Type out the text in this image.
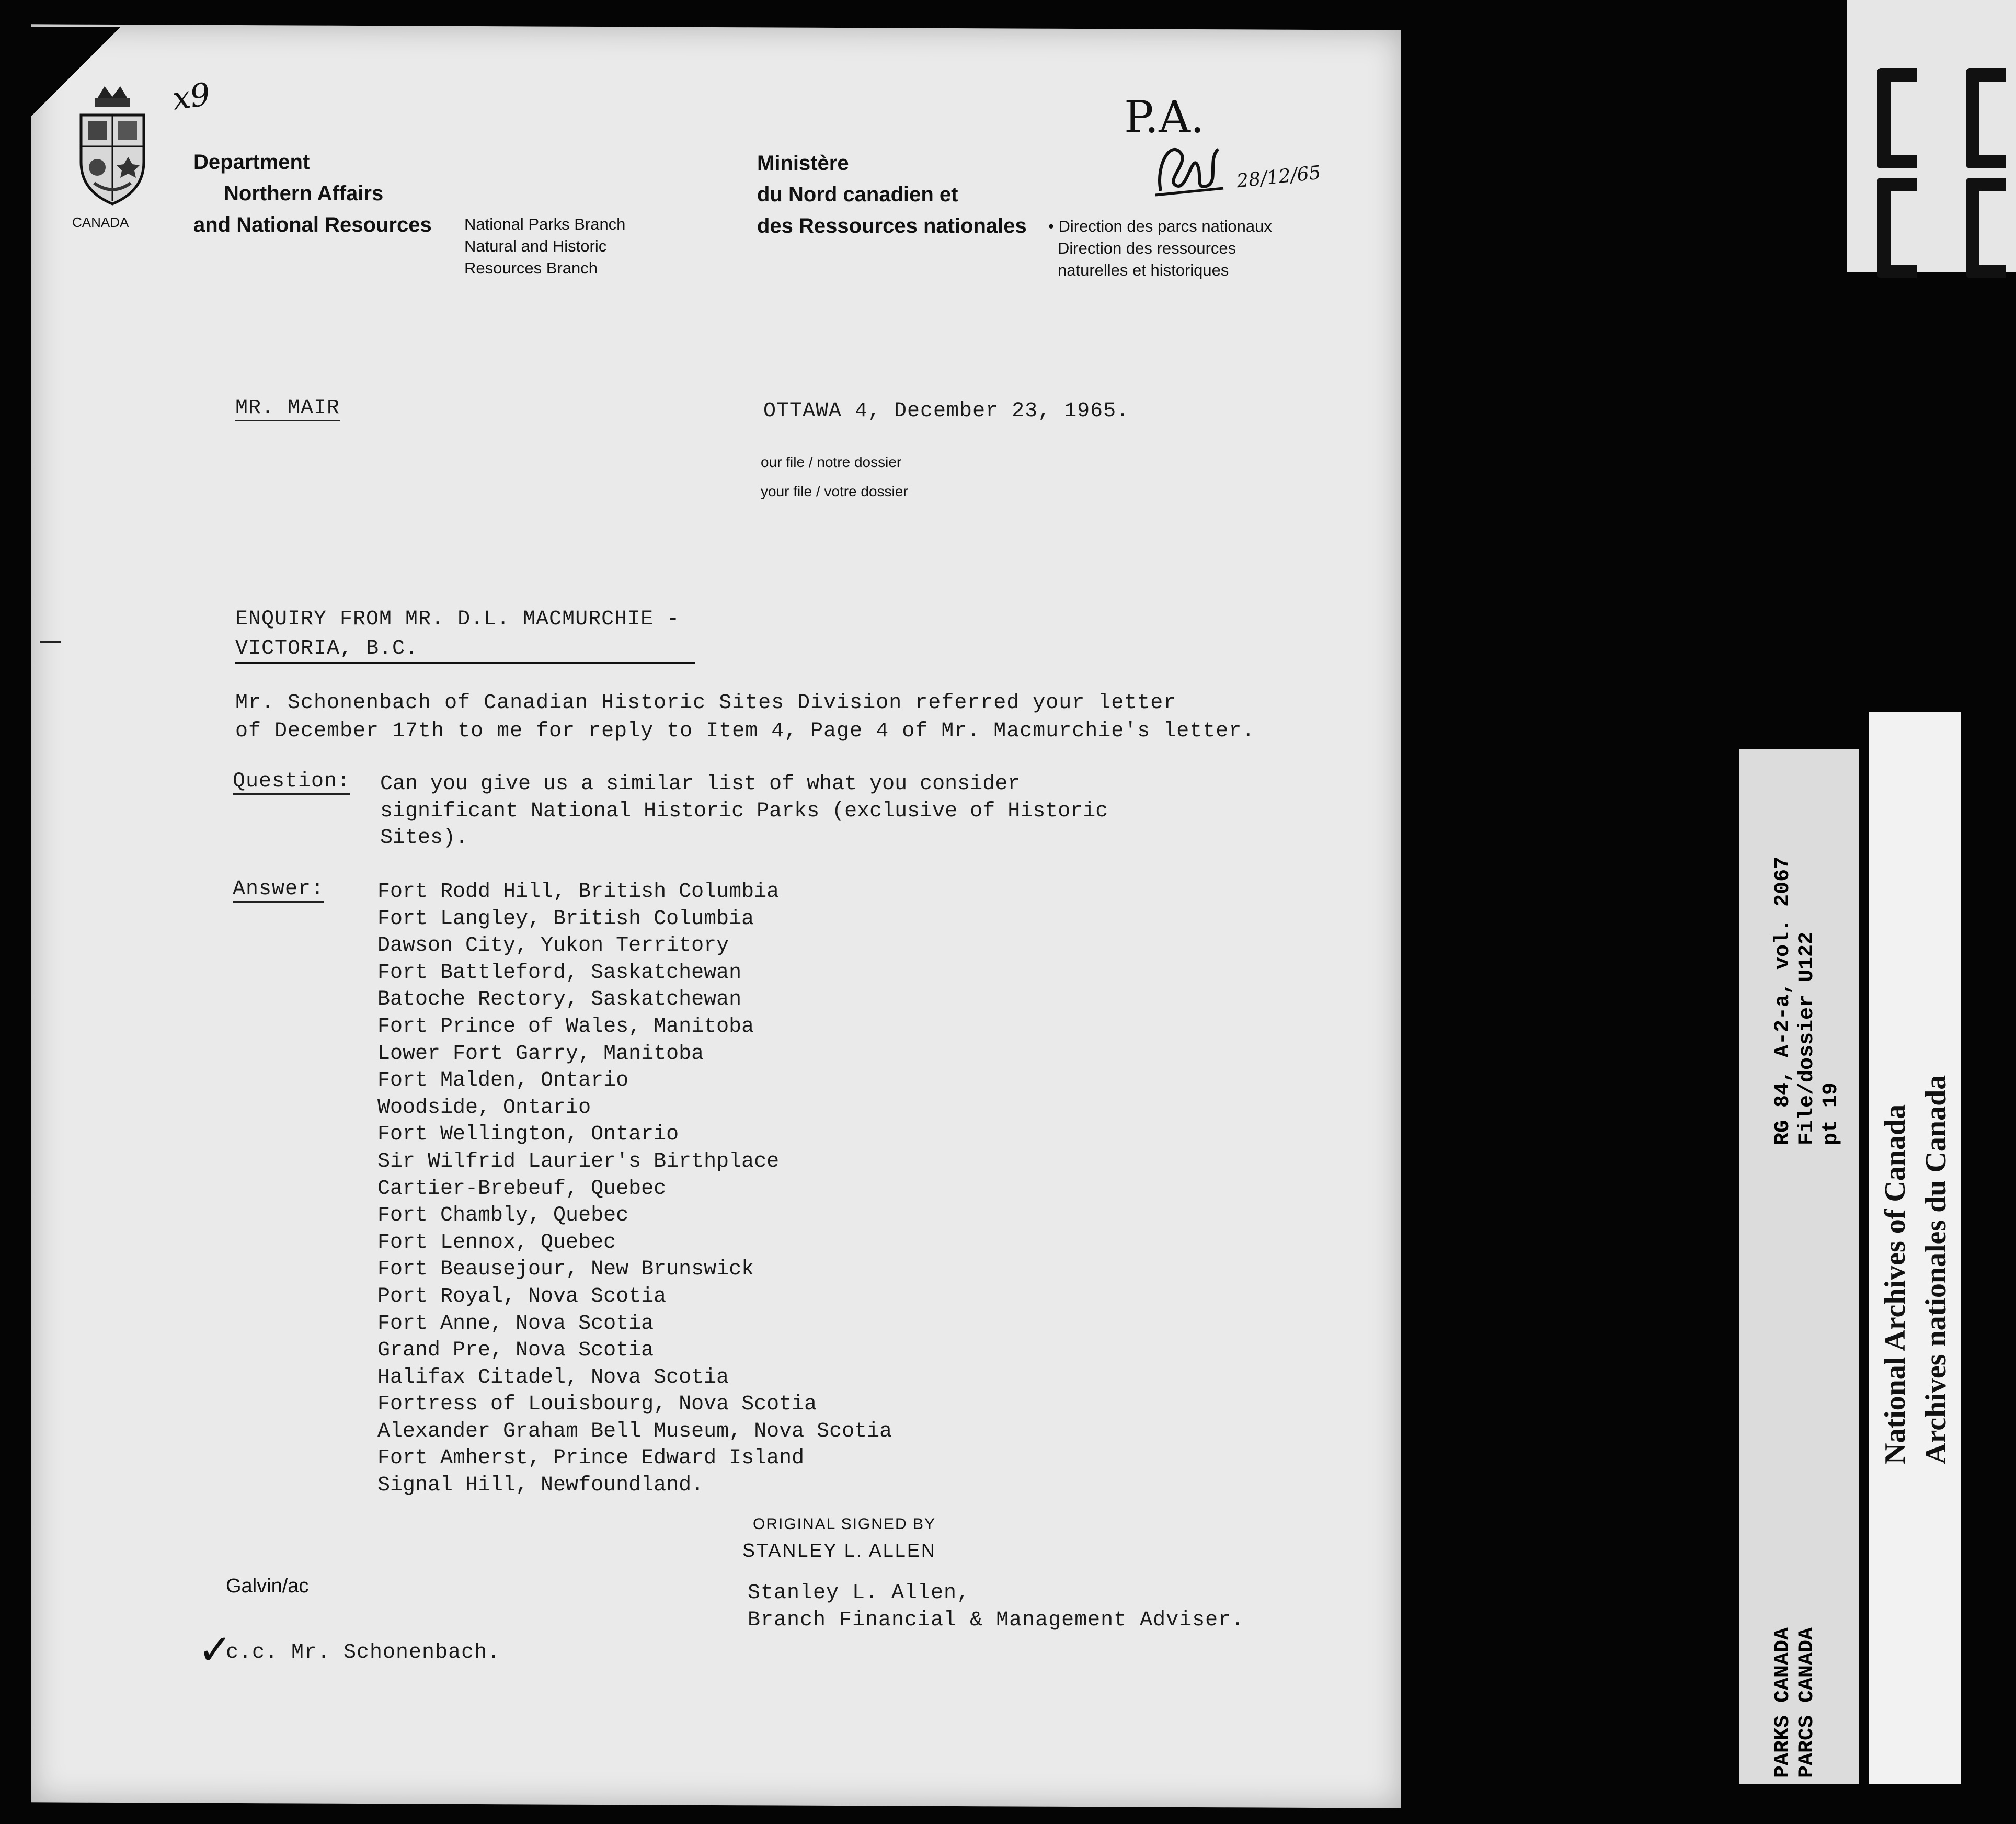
CANADA
x9	P.A.
28/12/65
Department
Northern Affairs
and National Resources National Parks Branch
Natural and Historic
Resources Branch
Ministère
du Nord canadien et
des Ressources nationales • Direction des parcs nationaux
Direction des ressources
naturelles et historiques
MR. MAIR	OTTAWA 4, December 23, 1965.
our file / notre dossier
your file / votre dossier
ENQUIRY FROM MR. D.L. MACMURCHIE -
VICTORIA, B.C.
Mr. Schonenbach of Canadian Historic Sites Division referred your letter
of December 17th to me for reply to Item 4, Page 4 of Mr. Macmurchie's letter.
Question: Can you give us a similar list of what you consider
significant National Historic Parks (exclusive of Historic
Sites).
Answer:	Fort Rodd Hill, British Columbia
Fort Langley, British Columbia
Dawson City, Yukon Territory
Fort Battleford, Saskatchewan
Batoche Rectory, Saskatchewan
Fort Prince of Wales, Manitoba
Lower Fort Garry, Manitoba
Fort Malden, Ontario
Woodside, Ontario
Fort Wellington, Ontario
Sir Wilfrid Laurier's Birthplace
Cartier-Brebeuf, Quebec
Fort Chambly, Quebec
Fort Lennox, Quebec
Fort Beausejour, New Brunswick
Port Royal, Nova Scotia
Fort Anne, Nova Scotia
Grand Pre, Nova Scotia
Halifax Citadel, Nova Scotia
Fortress of Louisbourg, Nova Scotia
Alexander Graham Bell Museum, Nova Scotia
Fort Amherst, Prince Edward Island
Signal Hill, Newfoundland.
ORIGINAL SIGNED BY
STANLEY L. ALLEN
Stanley L. Allen,
Branch Financial & Management Adviser.
Galvin/ac
✓
c.c. Mr. Schonenbach.	PARKS CANADA PARCS CANADA
RG 84, A-2-a, vol. 2067 File/dossier U122 pt 19 National Archives of Canada Archives nationales du Canada
